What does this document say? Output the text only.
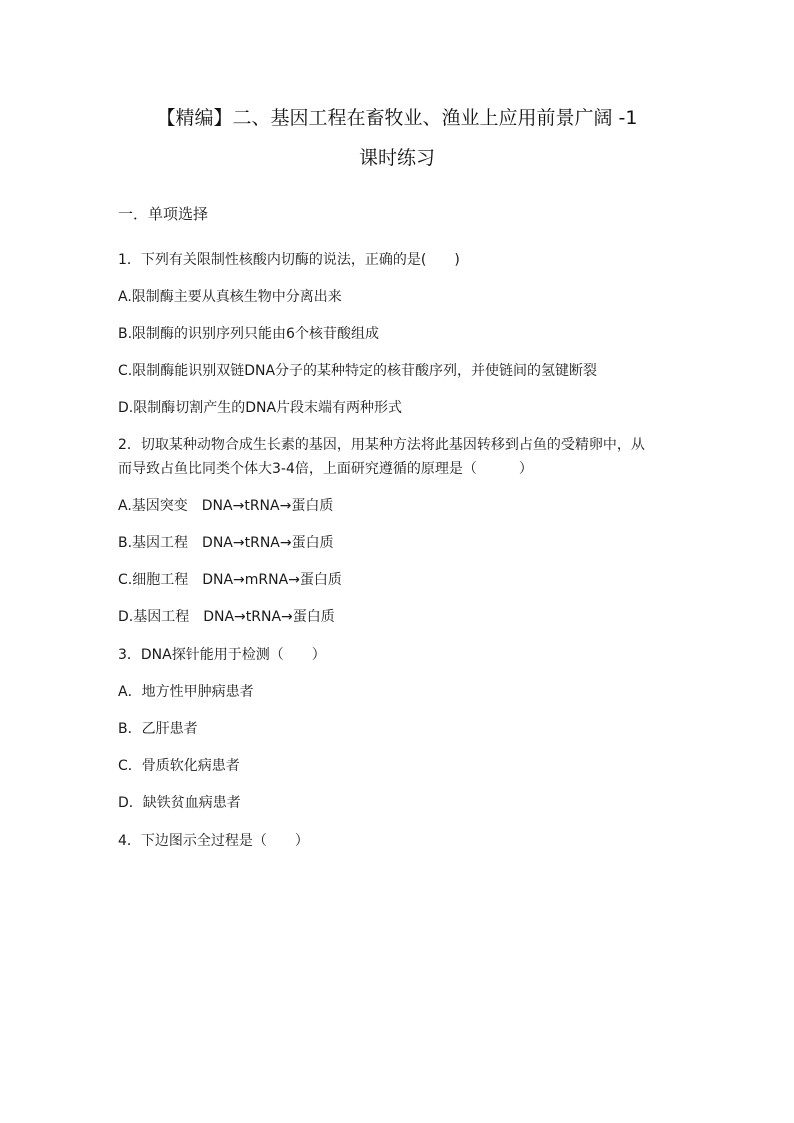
【精编】二、基因工程在畜牧业、渔业上应用前景广阔 -1
课时练习
一．单项选择
1．下列有关限制性核酸内切酶的说法，正确的是(　　)
A.限制酶主要从真核生物中分离出来
B.限制酶的识别序列只能由6个核苷酸组成
C.限制酶能识别双链DNA分子的某种特定的核苷酸序列，并使链间的氢键断裂
D.限制酶切割产生的DNA片段末端有两种形式
2．切取某种动物合成生长素的基因，用某种方法将此基因转移到占鱼的受精卵中，从
而导致占鱼比同类个体大3-4倍，上面研究遵循的原理是（　　　）
A.基因突变　DNA→tRNA→蛋白质
B.基因工程　DNA→tRNA→蛋白质
C.细胞工程　DNA→mRNA→蛋白质
D.基因工程　DNA→tRNA→蛋白质
3．DNA探针能用于检测（　　）
A．地方性甲肿病患者
B．乙肝患者
C．骨质软化病患者
D．缺铁贫血病患者
4．下边图示全过程是（　　）
